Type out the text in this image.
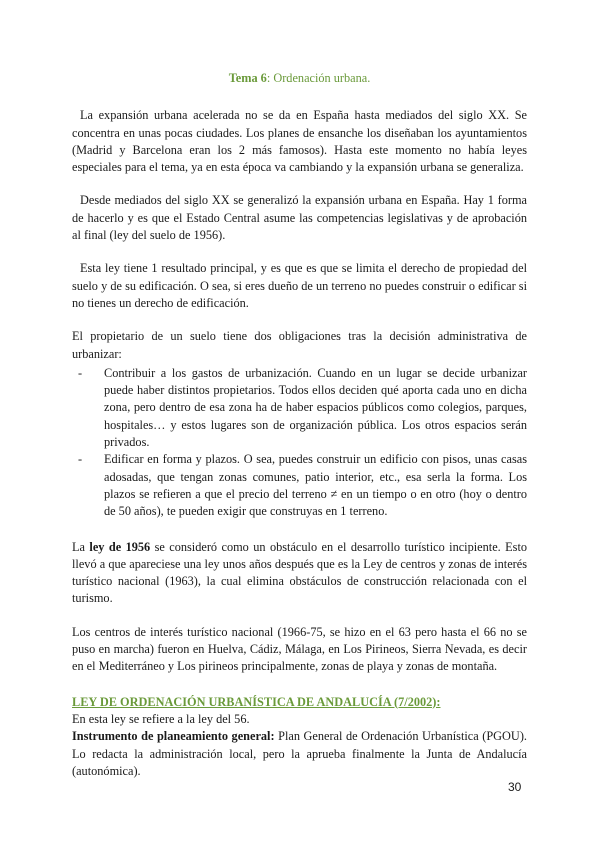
Tema 6: Ordenación urbana.

La expansión urbana acelerada no se da en España hasta mediados del siglo XX. Se concentra en unas pocas ciudades. Los planes de ensanche los diseñaban los ayuntamientos (Madrid y Barcelona eran los 2 más famosos). Hasta este momento no había leyes especiales para el tema, ya en esta época va cambiando y la expansión urbana se generaliza.

Desde mediados del siglo XX se generalizó la expansión urbana en España. Hay 1 forma de hacerlo y es que el Estado Central asume las competencias legislativas y de aprobación al final (ley del suelo de 1956).

Esta ley tiene 1 resultado principal, y es que es que se limita el derecho de propiedad del suelo y de su edificación. O sea, si eres dueño de un terreno no puedes construir o edificar si no tienes un derecho de edificación.

El propietario de un suelo tiene dos obligaciones tras la decisión administrativa de urbanizar:

- Contribuir a los gastos de urbanización. Cuando en un lugar se decide urbanizar puede haber distintos propietarios. Todos ellos deciden qué aporta cada uno en dicha zona, pero dentro de esa zona ha de haber espacios públicos como colegios, parques, hospitales… y estos lugares son de organización pública. Los otros espacios serán privados.
- Edificar en forma y plazos. O sea, puedes construir un edificio con pisos, unas casas adosadas, que tengan zonas comunes, patio interior, etc., esa serla la forma. Los plazos se refieren a que el precio del terreno ≠ en un tiempo o en otro (hoy o dentro de 50 años), te pueden exigir que construyas en 1 terreno.

La ley de 1956 se consideró como un obstáculo en el desarrollo turístico incipiente. Esto llevó a que apareciese una ley unos años después que es la Ley de centros y zonas de interés turístico nacional (1963), la cual elimina obstáculos de construcción relacionada con el turismo.

Los centros de interés turístico nacional (1966-75, se hizo en el 63 pero hasta el 66 no se puso en marcha) fueron en Huelva, Cádiz, Málaga, en Los Pirineos, Sierra Nevada, es decir en el Mediterráneo y Los pirineos principalmente, zonas de playa y zonas de montaña.

LEY DE ORDENACIÓN URBANÍSTICA DE ANDALUCÍA (7/2002):

En esta ley se refiere a la ley del 56.

Instrumento de planeamiento general: Plan General de Ordenación Urbanística (PGOU). Lo redacta la administración local, pero la aprueba finalmente la Junta de Andalucía (autonómica).

30
